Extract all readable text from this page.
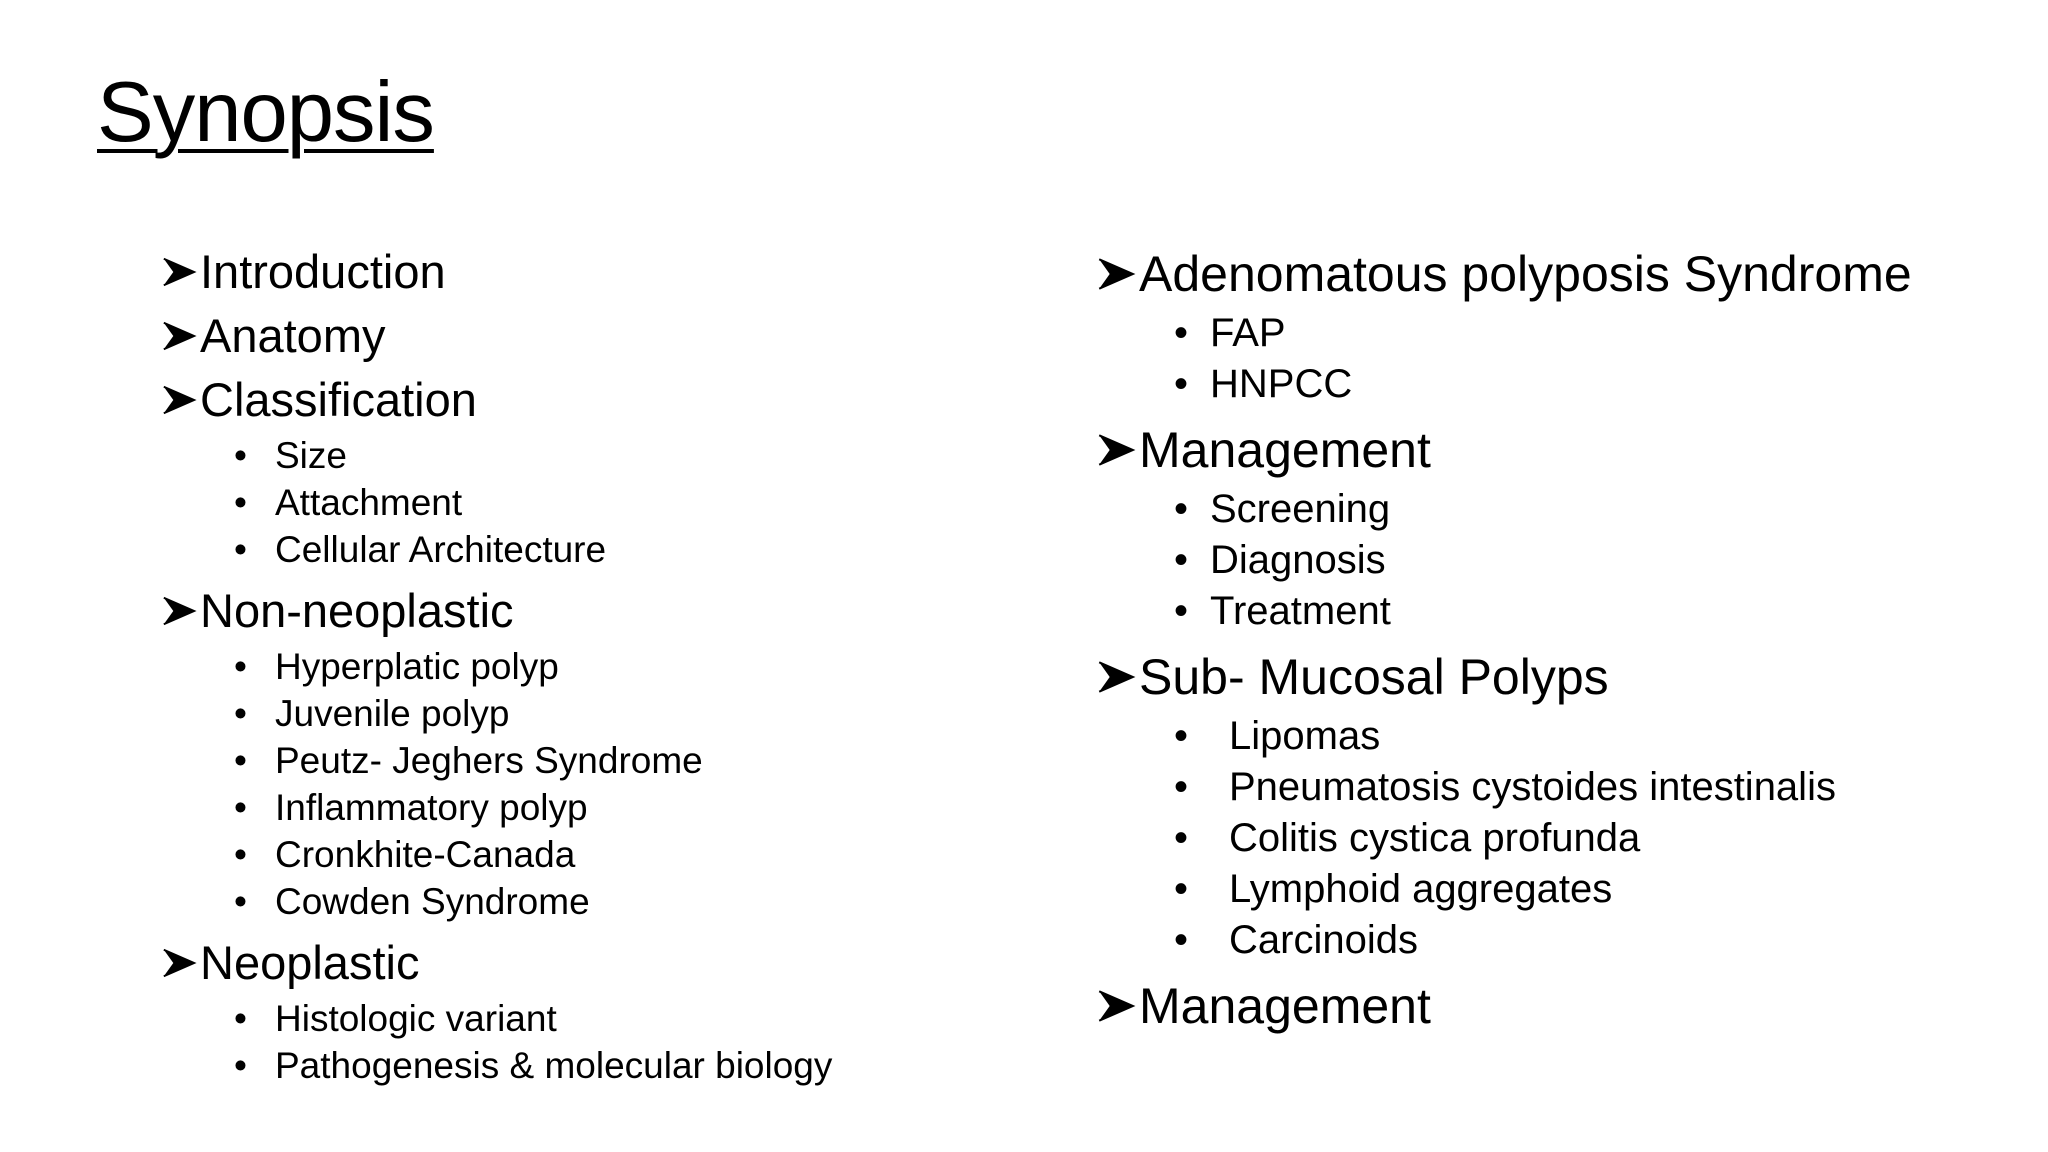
Synopsis
Introduction
Anatomy
Classification
• Size
• Attachment
• Cellular Architecture
Non-neoplastic
• Hyperplatic polyp
• Juvenile polyp
• Peutz- Jeghers Syndrome
• Inflammatory polyp
• Cronkhite-Canada
• Cowden Syndrome
Neoplastic
• Histologic variant
• Pathogenesis & molecular biology
Adenomatous polyposis Syndrome
• FAP
• HNPCC
Management
• Screening
• Diagnosis
• Treatment
Sub- Mucosal Polyps
• Lipomas
• Pneumatosis cystoides intestinalis
• Colitis cystica profunda
• Lymphoid aggregates
• Carcinoids
Management
